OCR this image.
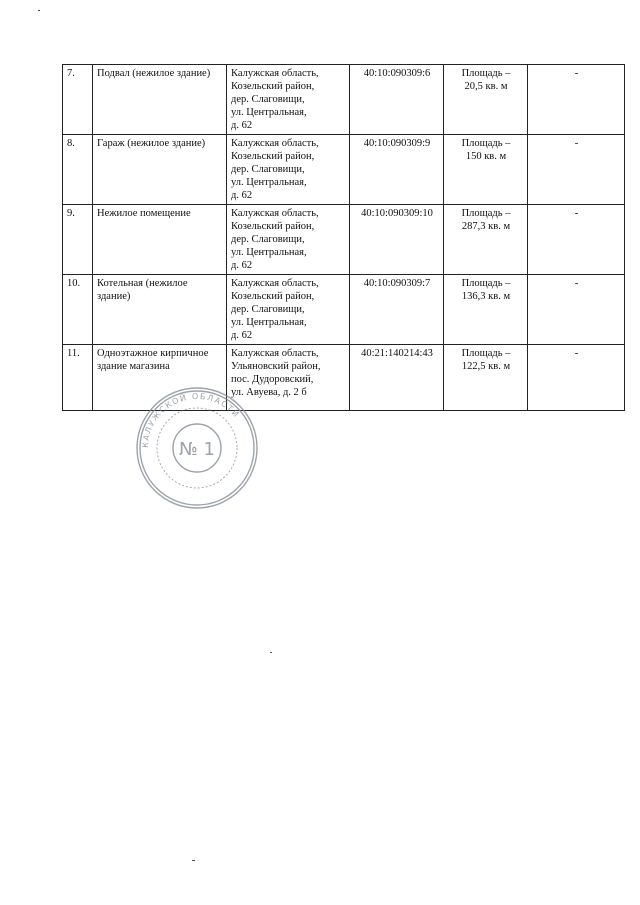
7.	Подвал (нежилое здание)	Калужская область,
Козельский район,
дер. Слаговищи,
ул. Центральная,
д. 62	40:10:090309:6	Площадь –
20,5 кв. м	-
8.	Гараж (нежилое здание)	Калужская область,
Козельский район,
дер. Слаговищи,
ул. Центральная,
д. 62	40:10:090309:9	Площадь –
150 кв. м	-
9.	Нежилое помещение	Калужская область,
Козельский район,
дер. Слаговищи,
ул. Центральная,
д. 62	40:10:090309:10	Площадь –
287,3 кв. м	-
10.	Котельная (нежилое здание)	Калужская область,
Козельский район,
дер. Слаговищи,
ул. Центральная,
д. 62	40:10:090309:7	Площадь –
136,3 кв. м	-
11.	Одноэтажное кирпичное здание магазина	Калужская область,
Ульяновский район,
пос. Дудоровский,
ул. Авуева, д. 2 б	40:21:140214:43	Площадь –
122,5 кв. м	-
КАЛУЖСКОЙ ОБЛАСТИ
№ 1
